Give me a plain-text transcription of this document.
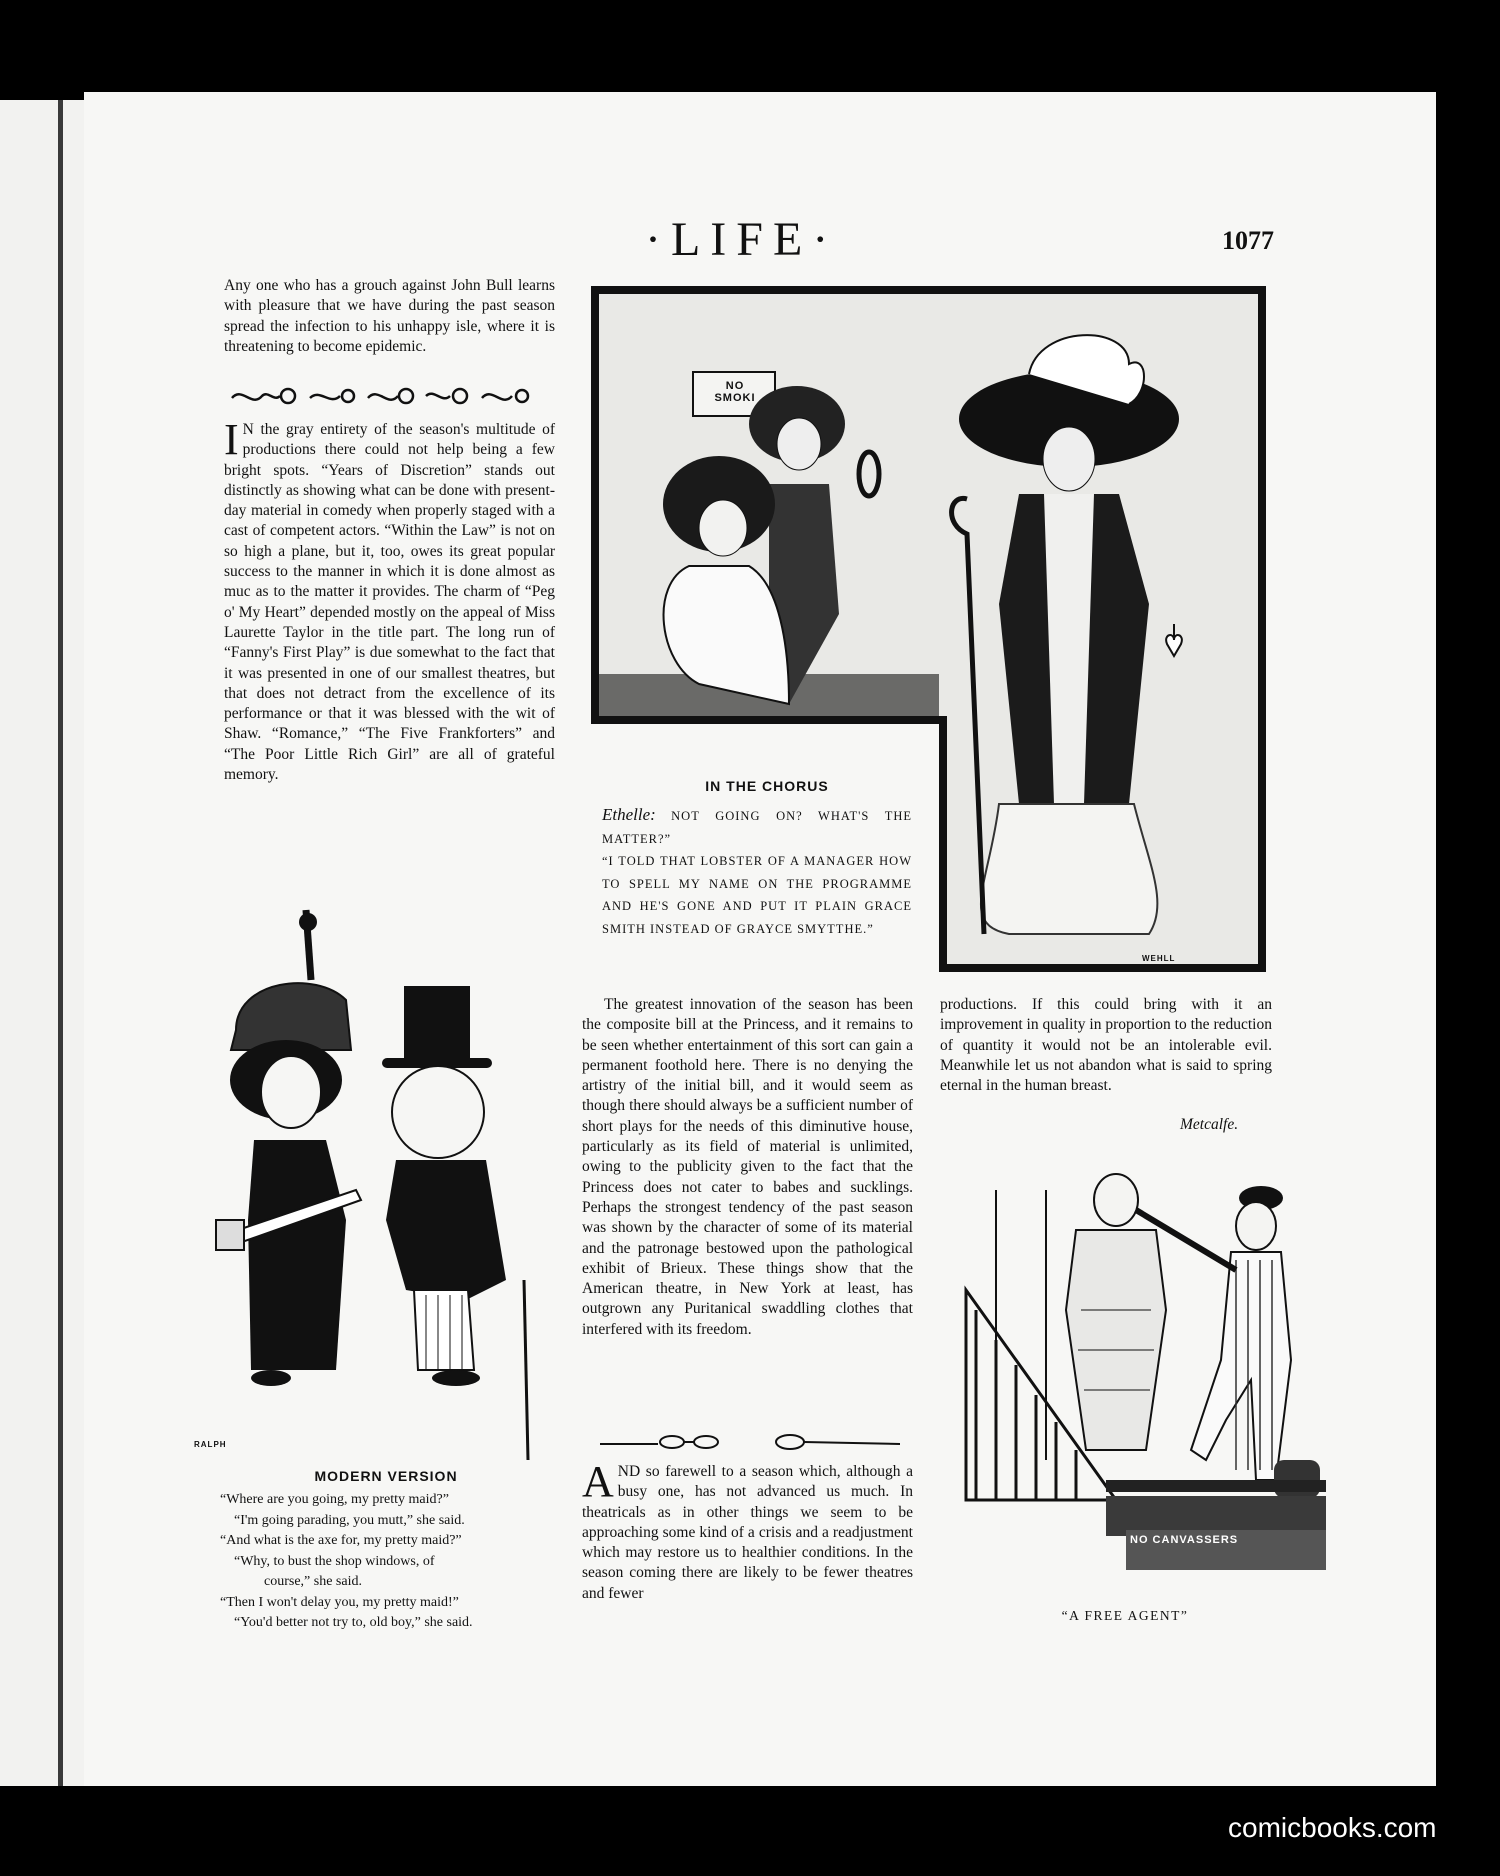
·LIFE·	1077
Any one who has a grouch against John Bull learns with pleasure that we have during the past season spread the infection to his unhappy isle, where it is threatening to become epidemic.
I N the gray entirety of the season's multitude of productions there could not help being a few bright spots. “Years of Discretion” stands out distinctly as showing what can be done with present-day material in comedy when properly staged with a cast of competent actors. “Within the Law” is not on so high a plane, but it, too, owes its great popular success to the manner in which it is done almost as muc as to the matter it provides. The charm of “Peg o' My Heart” depended mostly on the appeal of Miss Laurette Taylor in the title part. The long run of “Fanny's First Play” is due somewhat to the fact that it was presented in one of our smallest theatres, but that does not detract from the excellence of its performance or that it was blessed with the wit of Shaw. “Romance,” “The Five Frankforters” and “The Poor Little Rich Girl” are all of grateful memory.
WEHLL
NO SMOKI
IN THE CHORUS
Ethelle: NOT GOING ON? WHAT'S THE MATTER?”
“I TOLD THAT LOBSTER OF A MANAGER HOW TO SPELL MY NAME ON THE PROGRAMME AND HE'S GONE AND PUT IT PLAIN GRACE SMITH INSTEAD OF GRAYCE SMYTTHE.”
RALPH
MODERN VERSION
“Where are you going, my pretty maid?”
“I'm going parading, you mutt,” she said.
“And what is the axe for, my pretty maid?”
“Why, to bust the shop windows, of
course,” she said.
“Then I won't delay you, my pretty maid!”
“You'd better not try to, old boy,” she said.

The greatest innovation of the season has been the composite bill at the Princess, and it remains to be seen whether entertainment of this sort can gain a permanent foothold here. There is no denying the artistry of the initial bill, and it would seem as though there should always be a sufficient number of short plays for the needs of this diminutive house, particularly as its field of material is unlimited, owing to the publicity given to the fact that the Princess does not cater to babes and sucklings. Perhaps the strongest tendency of the past season was shown by the character of some of its material and the patronage bestowed upon the pathological exhibit of Brieux. These things show that the American theatre, in New York at least, has outgrown any Puritanical swaddling clothes that interfered with its freedom.

A ND so farewell to a season which, although a busy one, has not advanced us much. In theatricals as in other things we seem to be approaching some kind of a crisis and a readjustment which may restore us to healthier conditions. In the season coming there are likely to be fewer theatres and fewer
productions. If this could bring with it an improvement in quality in proportion to the reduction of quantity it would not be an intolerable evil. Meanwhile let us not abandon what is said to spring eternal in the human breast.
Metcalfe.
NO CANVASSERS
“A FREE AGENT”
comicbooks.com
